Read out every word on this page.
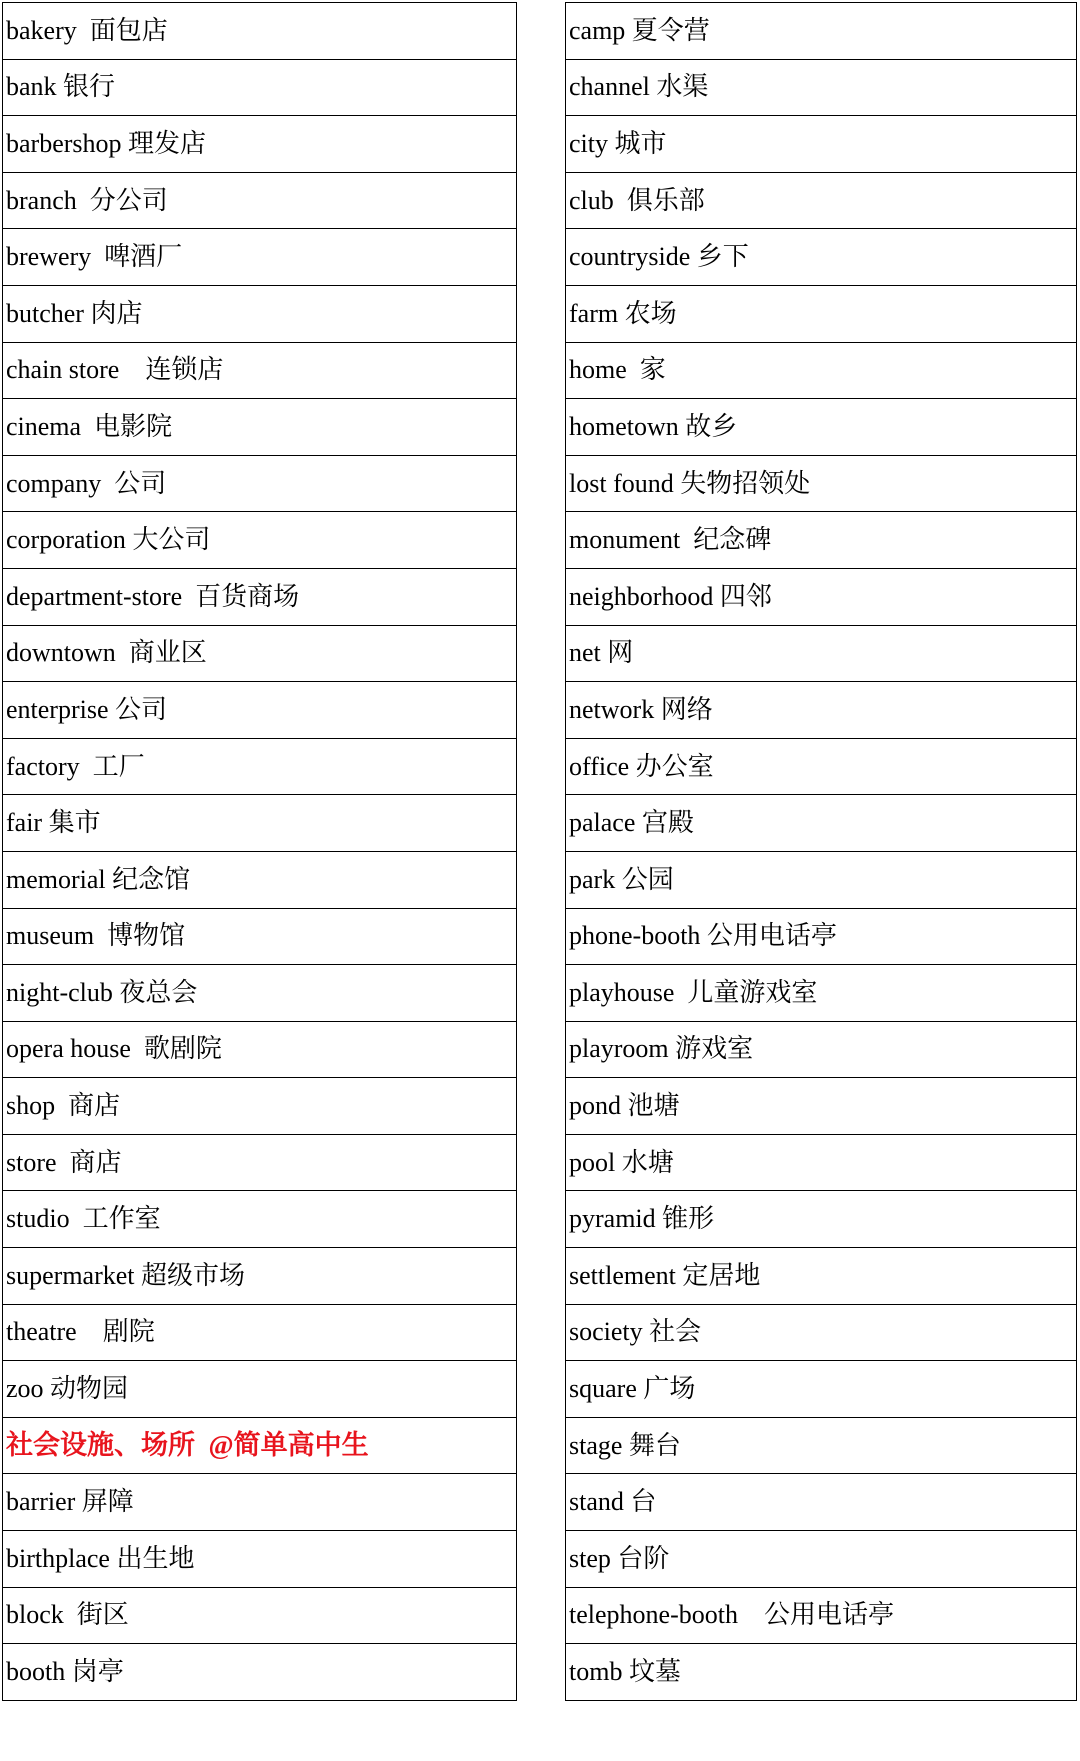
bakery  面包店
bank 银行
barbershop 理发店
branch  分公司
brewery  啤酒厂
butcher 肉店
chain store    连锁店
cinema  电影院
company  公司
corporation 大公司
department-store  百货商场
downtown  商业区
enterprise 公司
factory  工厂
fair 集市
memorial 纪念馆
museum  博物馆
night-club 夜总会
opera house  歌剧院
shop  商店
store  商店
studio  工作室
supermarket 超级市场
theatre    剧院
zoo 动物园
社会设施、场所  @简单高中生
barrier 屏障
birthplace 出生地
block  街区
booth 岗亭
camp 夏令营
channel 水渠
city 城市
club  俱乐部
countryside 乡下
farm 农场
home  家
hometown 故乡
lost found 失物招领处
monument  纪念碑
neighborhood 四邻
net 网
network 网络
office 办公室
palace 宫殿
park 公园
phone-booth 公用电话亭
playhouse  儿童游戏室
playroom 游戏室
pond 池塘
pool 水塘
pyramid 锥形
settlement 定居地
society 社会
square 广场
stage 舞台
stand 台
step 台阶
telephone-booth    公用电话亭
tomb 坟墓
